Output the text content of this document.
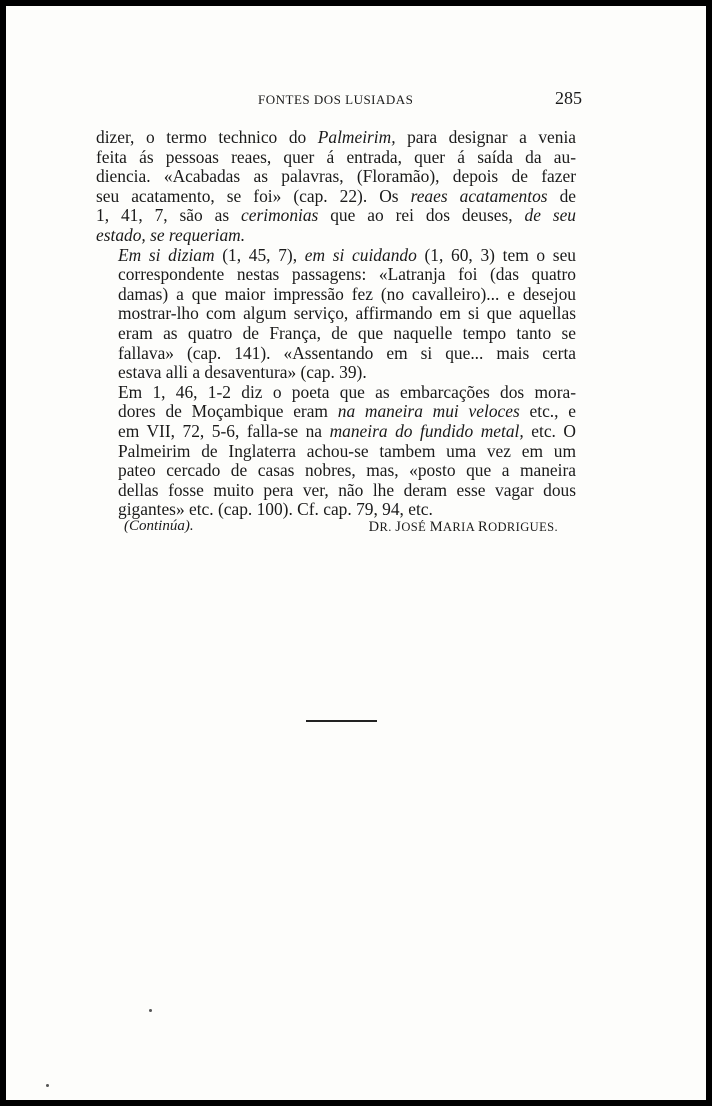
FONTES DOS LUSIADAS	285

dizer, o termo technico do Palmeirim, para designar a venia
feita ás pessoas reaes, quer á entrada, quer á saída da au-
diencia. «Acabadas as palavras, (Floramão), depois de fazer
seu acatamento, se foi» (cap. 22). Os reaes acatamentos de
1, 41, 7, são as cerimonias que ao rei dos deuses, de seu
estado, se requeriam.

Em si diziam (1, 45, 7), em si cuidando (1, 60, 3) tem o seu
correspondente nestas passagens: «Latranja foi (das quatro
damas) a que maior impressão fez (no cavalleiro)... e desejou
mostrar-lho com algum serviço, affirmando em si que aquellas
eram as quatro de França, de que naquelle tempo tanto se
fallava» (cap. 141). «Assentando em si que... mais certa
estava alli a desaventura» (cap. 39).

Em 1, 46, 1-2 diz o poeta que as embarcações dos mora-
dores de Moçambique eram na maneira mui veloces etc., e
em VII, 72, 5-6, falla-se na maneira do fundido metal, etc. O
Palmeirim de Inglaterra achou-se tambem uma vez em um
pateo cercado de casas nobres, mas, «posto que a maneira
dellas fosse muito pera ver, não lhe deram esse vagar dous
gigantes» etc. (cap. 100). Cf. cap. 79, 94, etc.

(Continúa).	DR. JOSÉ MARIA RODRIGUES.
